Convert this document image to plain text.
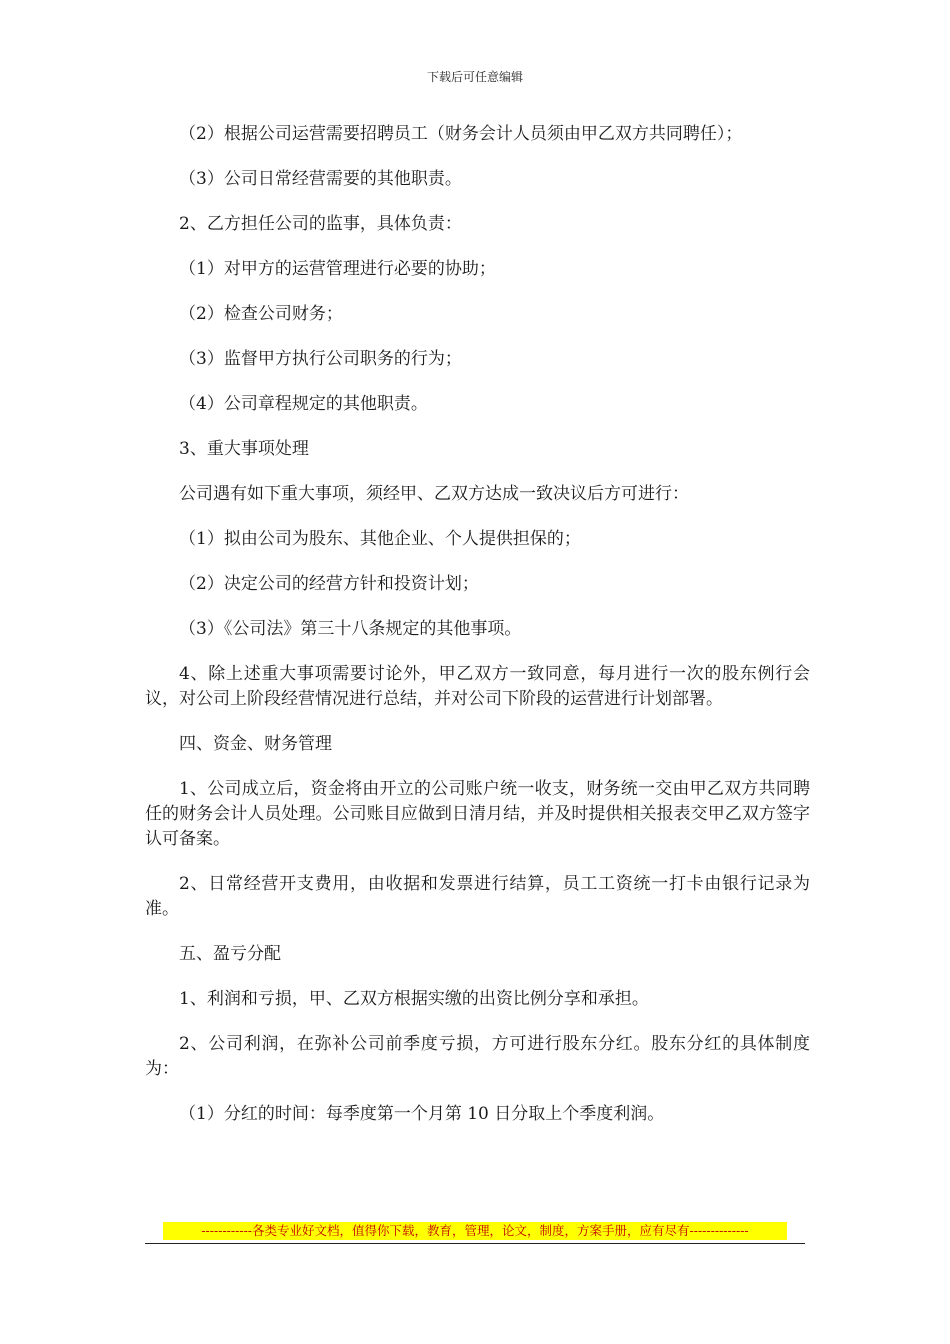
下载后可任意编辑

（2）根据公司运营需要招聘员工（财务会计人员须由甲乙双方共同聘任）；

（3）公司日常经营需要的其他职责。

2、乙方担任公司的监事，具体负责：

（1）对甲方的运营管理进行必要的协助；

（2）检查公司财务；

（3）监督甲方执行公司职务的行为；

（4）公司章程规定的其他职责。

3、重大事项处理

公司遇有如下重大事项，须经甲、乙双方达成一致决议后方可进行：

（1）拟由公司为股东、其他企业、个人提供担保的；

（2）决定公司的经营方针和投资计划；

（3）《公司法》第三十八条规定的其他事项。

4、除上述重大事项需要讨论外，甲乙双方一致同意，每月进行一次的股东例行会议，对公司上阶段经营情况进行总结，并对公司下阶段的运营进行计划部署。

四、资金、财务管理

1、公司成立后，资金将由开立的公司账户统一收支，财务统一交由甲乙双方共同聘任的财务会计人员处理。公司账目应做到日清月结，并及时提供相关报表交甲乙双方签字认可备案。

2、日常经营开支费用，由收据和发票进行结算，员工工资统一打卡由银行记录为准。

五、盈亏分配

1、利润和亏损，甲、乙双方根据实缴的出资比例分享和承担。

2、公司利润，在弥补公司前季度亏损，方可进行股东分红。股东分红的具体制度为：

（1）分红的时间：每季度第一个月第 10 日分取上个季度利润。

------------各类专业好文档，值得你下载，教育，管理，论文，制度，方案手册，应有尽有--------------
